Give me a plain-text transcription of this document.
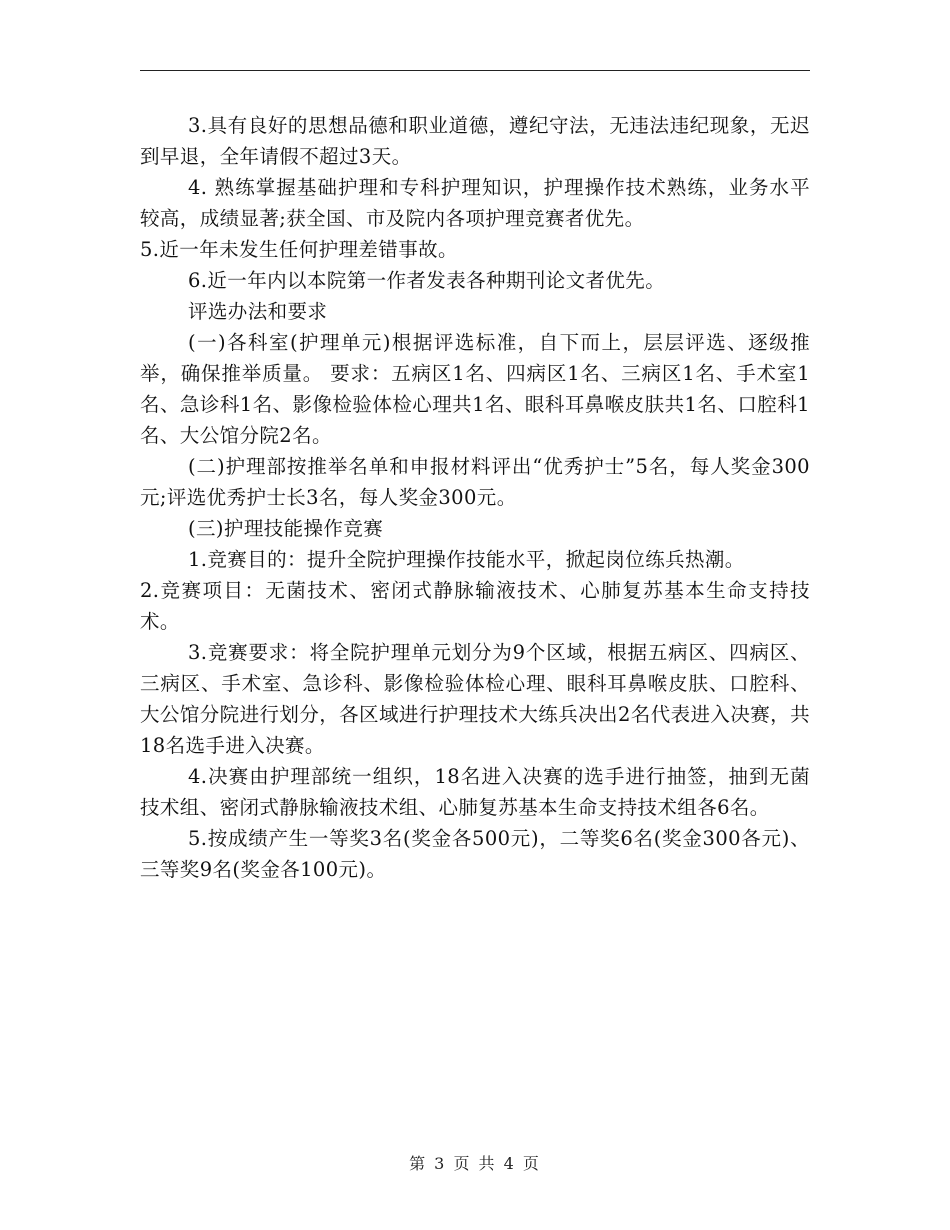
3.具有良好的思想品德和职业道德，遵纪守法，无违法违纪现象，无迟到早退，全年请假不超过3天。

4. 熟练掌握基础护理和专科护理知识，护理操作技术熟练，业务水平较高，成绩显著;获全国、市及院内各项护理竞赛者优先。

5.近一年未发生任何护理差错事故。

6.近一年内以本院第一作者发表各种期刊论文者优先。

评选办法和要求

(一)各科室(护理单元)根据评选标准，自下而上，层层评选、逐级推举，确保推举质量。 要求：五病区1名、四病区1名、三病区1名、手术室1名、急诊科1名、影像检验体检心理共1名、眼科耳鼻喉皮肤共1名、口腔科1名、大公馆分院2名。

(二)护理部按推举名单和申报材料评出“优秀护士”5名，每人奖金300元;评选优秀护士长3名，每人奖金300元。

(三)护理技能操作竞赛

1.竞赛目的：提升全院护理操作技能水平，掀起岗位练兵热潮。

2.竞赛项目：无菌技术、密闭式静脉输液技术、心肺复苏基本生命支持技术。

3.竞赛要求：将全院护理单元划分为9个区域，根据五病区、四病区、三病区、手术室、急诊科、影像检验体检心理、眼科耳鼻喉皮肤、口腔科、大公馆分院进行划分，各区域进行护理技术大练兵决出2名代表进入决赛，共18名选手进入决赛。

4.决赛由护理部统一组织，18名进入决赛的选手进行抽签，抽到无菌技术组、密闭式静脉输液技术组、心肺复苏基本生命支持技术组各6名。

5.按成绩产生一等奖3名(奖金各500元)，二等奖6名(奖金300各元)、三等奖9名(奖金各100元)。

第 3 页 共 4 页
